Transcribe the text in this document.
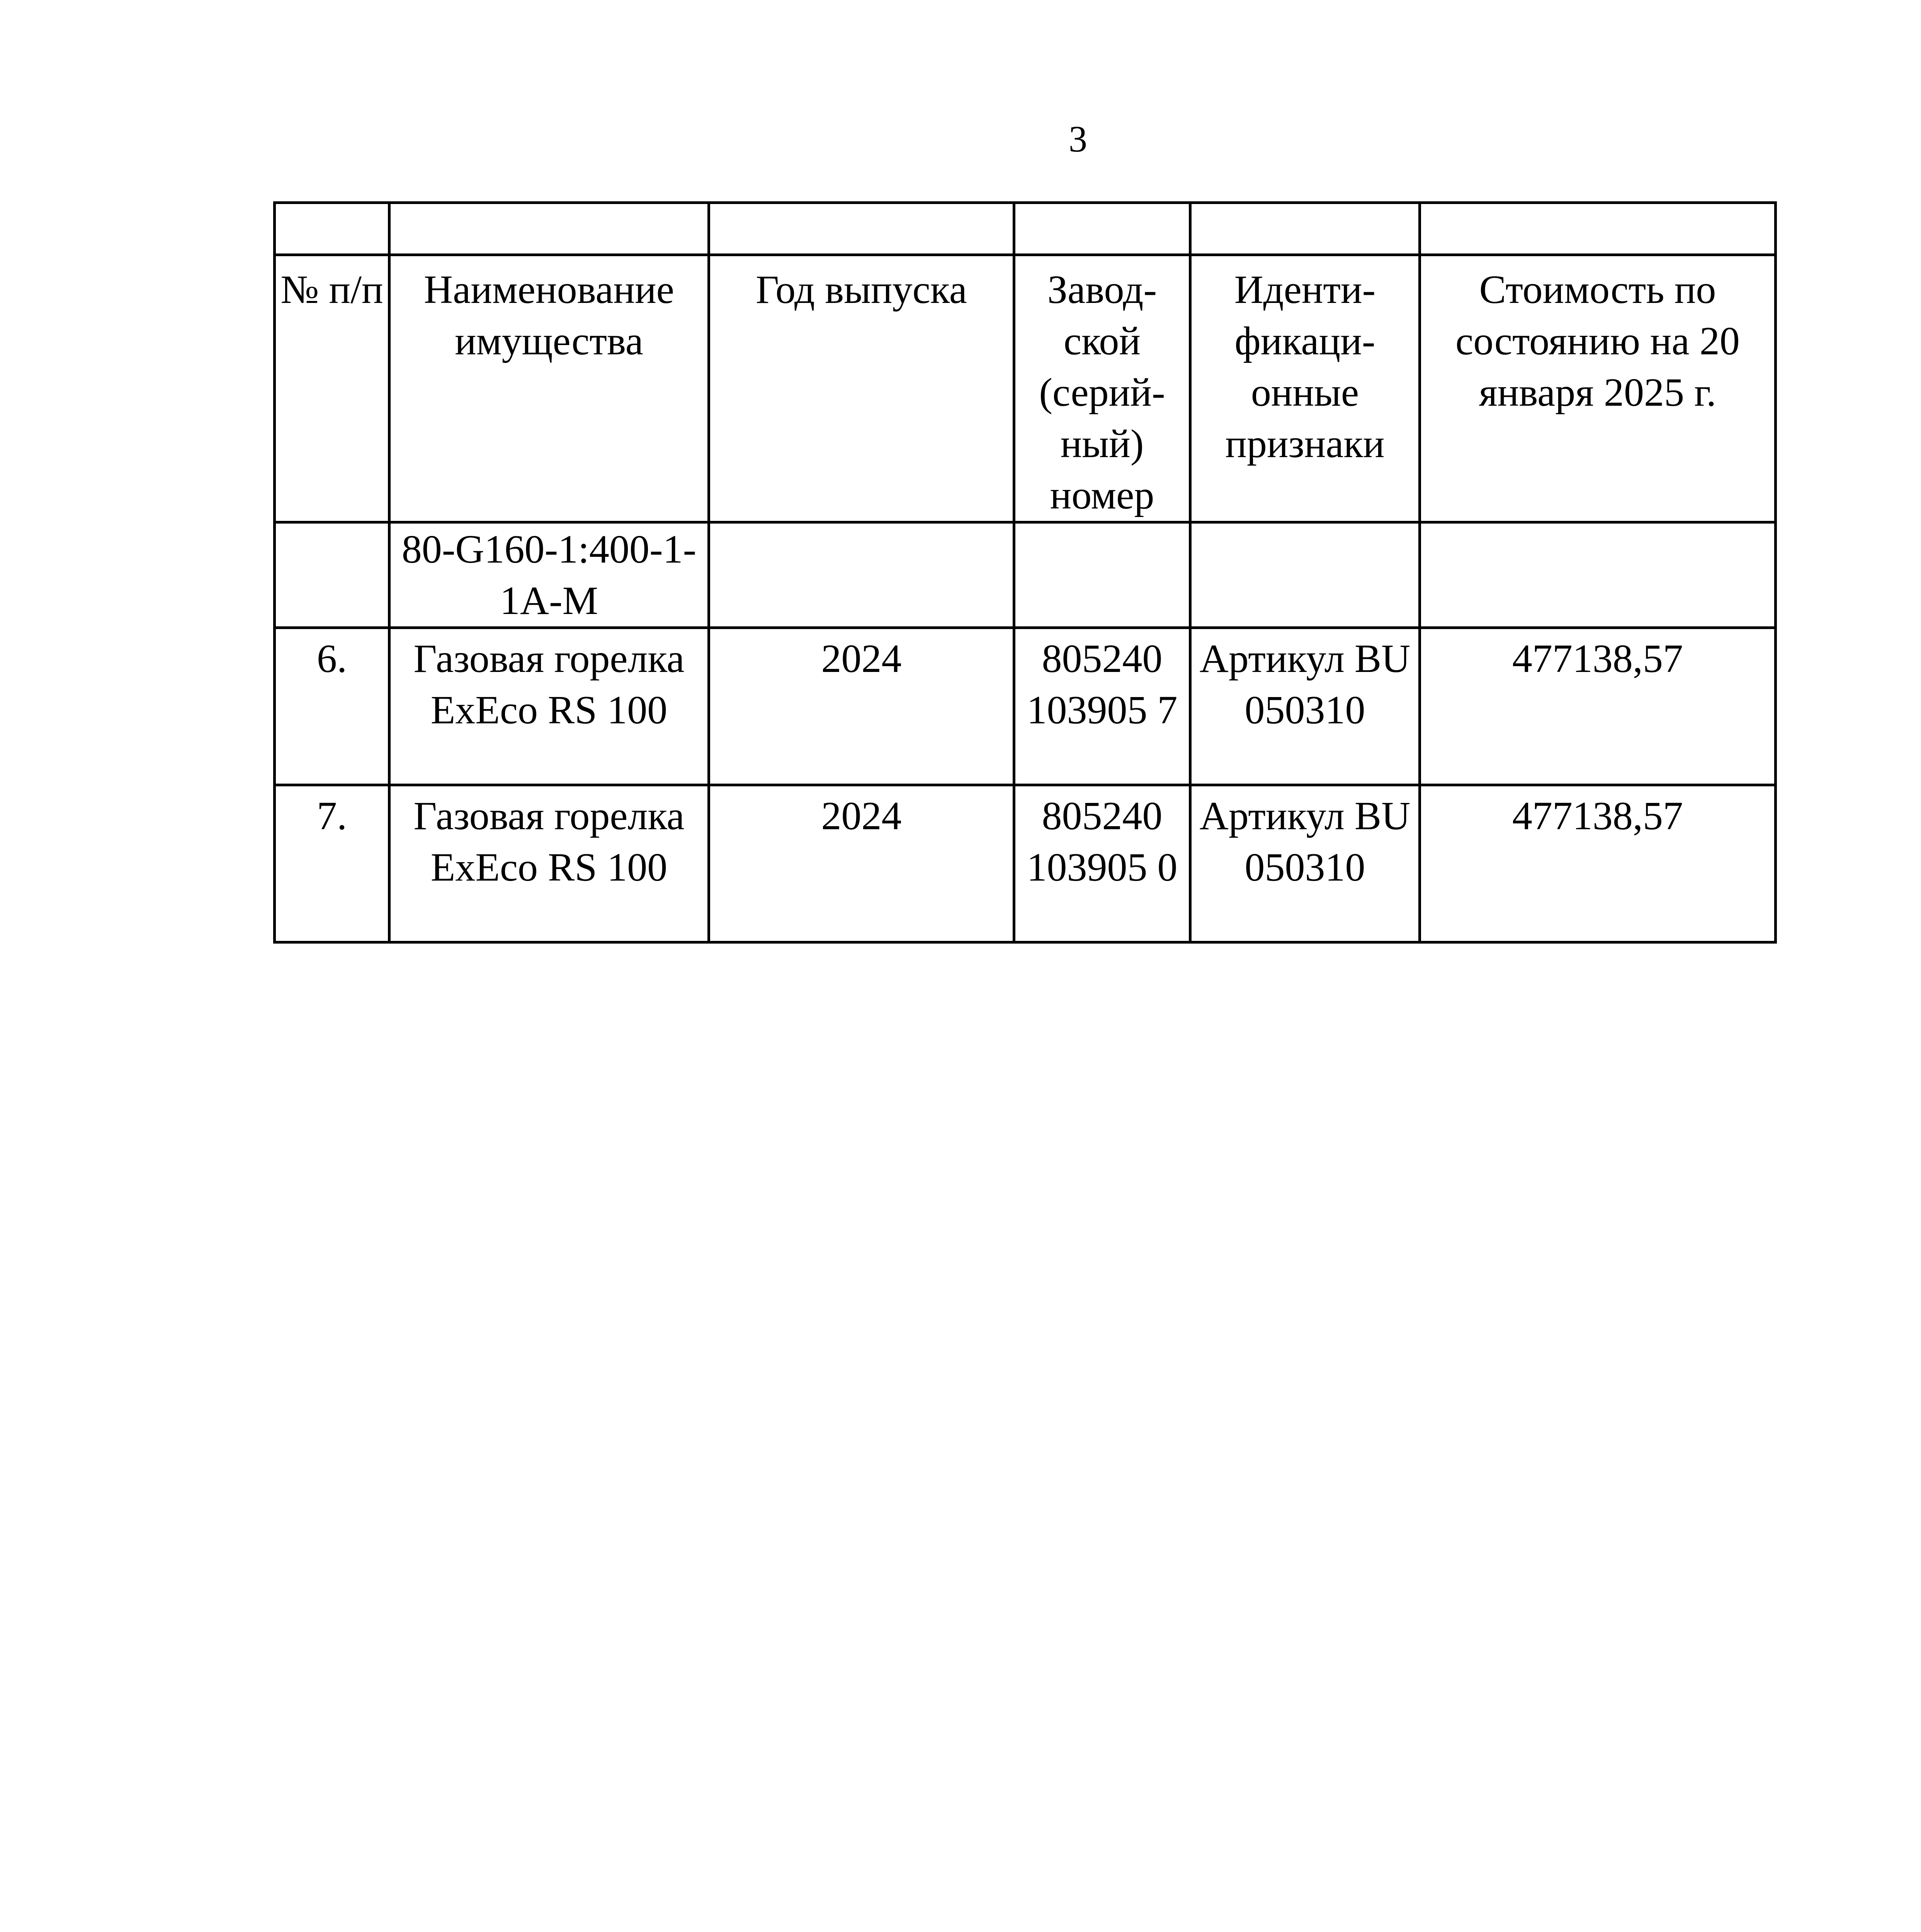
3

№ п/п	Наименование имущества	Год выпуска	Завод-ской (серий-ный) номер	Иденти-фикаци-онные признаки	Стоимость по состоянию на 20 января 2025 г.
	80-G160-1:400-1-1A-M				
6.	Газовая горелка ExEco RS 100	2024	805240 103905 7	Артикул BU 050310	477138,57
7.	Газовая горелка ExEco RS 100	2024	805240 103905 0	Артикул BU 050310	477138,57
